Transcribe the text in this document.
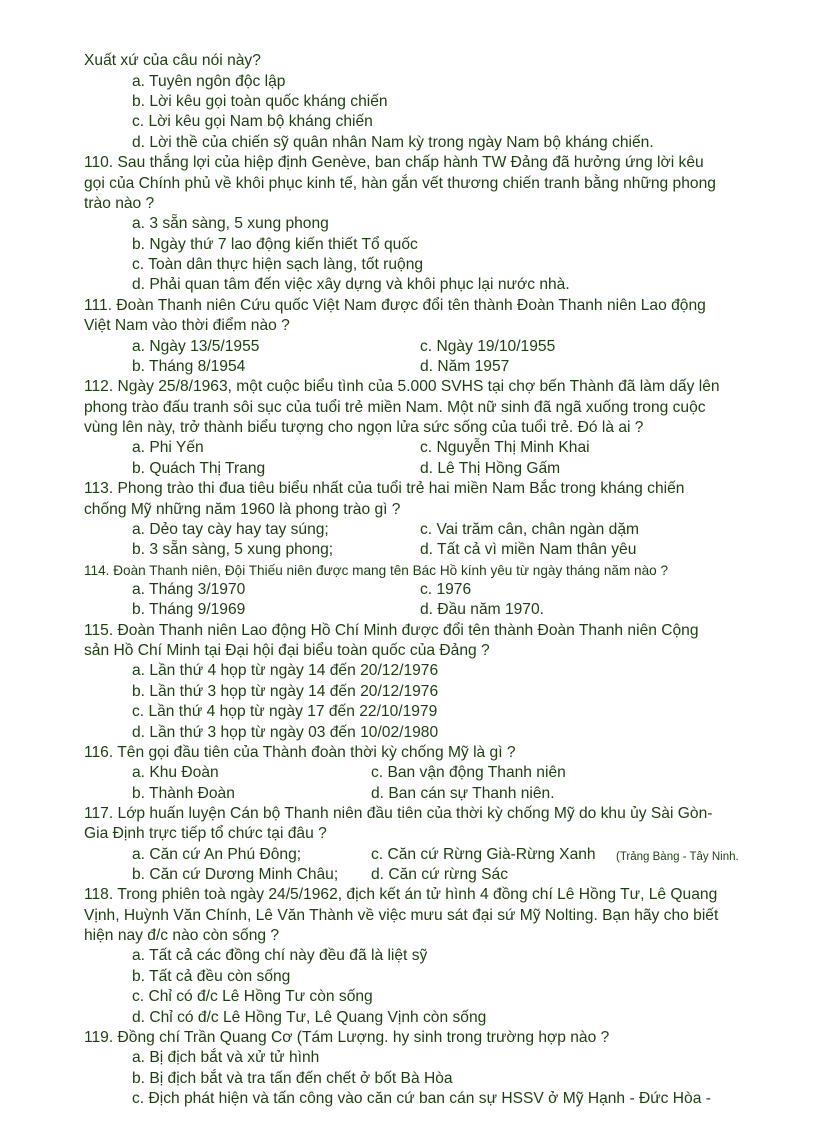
Xuất xứ của câu nói này?
a. Tuyên ngôn độc lập
b. Lời kêu gọi toàn quốc kháng chiến
c. Lời kêu gọi Nam bộ kháng chiến
d. Lời thề của chiến sỹ quân nhân Nam kỳ trong ngày Nam bộ kháng chiến.
110. Sau thắng lợi của hiệp định Genève, ban chấp hành TW Đảng đã hưởng ứng lời kêu
gọi của Chính phủ về khôi phục kinh tế, hàn gắn vết thương chiến tranh bằng những phong
trào nào ?
a. 3 sẵn sàng, 5 xung phong
b. Ngày thứ 7 lao động kiến thiết Tổ quốc
c. Toàn dân thực hiện sạch làng, tốt ruộng
d. Phải quan tâm đến việc xây dựng và khôi phục lại nước nhà.
111. Đoàn Thanh niên Cứu quốc Việt Nam được đổi tên thành Đoàn Thanh niên Lao động
Việt Nam vào thời điểm nào ?
a. Ngày 13/5/1955	c. Ngày 19/10/1955
b. Tháng 8/1954	d. Năm 1957
112. Ngày 25/8/1963, một cuộc biểu tình của 5.000 SVHS tại chợ bến Thành đã làm dấy lên
phong trào đấu tranh sôi sục của tuổi trẻ miền Nam. Một nữ sinh đã ngã xuống trong cuộc
vùng lên này, trở thành biểu tượng cho ngọn lửa sức sống của tuổi trẻ. Đó là ai ?
a. Phi Yến	c. Nguyễn Thị Minh Khai
b. Quách Thị Trang	d. Lê Thị Hồng Gấm
113. Phong trào thi đua tiêu biểu nhất của tuổi trẻ hai miền Nam Bắc trong kháng chiến
chống Mỹ những năm 1960 là phong trào gì ?
a. Dẻo tay cày hay tay súng;	c. Vai trăm cân, chân ngàn dặm
b. 3 sẵn sàng, 5 xung phong;	d. Tất cả vì miền Nam thân yêu
114. Đoàn Thanh niên, Đội Thiếu niên được mang tên Bác Hồ kính yêu từ ngày tháng năm nào ?
a. Tháng 3/1970	c. 1976
b. Tháng 9/1969	d. Đầu năm 1970.
115. Đoàn Thanh niên Lao động Hồ Chí Minh được đổi tên thành Đoàn Thanh niên Cộng
sản Hồ Chí Minh tại Đại hội đại biểu toàn quốc của Đảng ?
a. Lần thứ 4 họp từ ngày 14 đến 20/12/1976
b. Lần thứ 3 họp từ ngày 14 đến 20/12/1976
c. Lần thứ 4 họp từ ngày 17 đến 22/10/1979
d. Lần thứ 3 họp từ ngày 03 đến 10/02/1980
116. Tên gọi đầu tiên của Thành đoàn thời kỳ chống Mỹ là gì ?
a. Khu Đoàn	c. Ban vận động Thanh niên
b. Thành Đoàn	d. Ban cán sự Thanh niên.
117. Lớp huấn luyện Cán bộ Thanh niên đầu tiên của thời kỳ chống Mỹ do khu ủy Sài Gòn-
Gia Định trực tiếp tổ chức tại đâu ?
a. Căn cứ An Phú Đông;	c. Căn cứ Rừng Già-Rừng Xanh (Trảng Bàng - Tây Ninh.
b. Căn cứ Dương Minh Châu; d. Căn cứ rừng Sác
118. Trong phiên toà ngày 24/5/1962, địch kết án tử hình 4 đồng chí Lê Hồng Tư, Lê Quang
Vịnh, Huỳnh Văn Chính, Lê Văn Thành về việc mưu sát đại sứ Mỹ Nolting. Bạn hãy cho biết
hiện nay đ/c nào còn sống ?
a. Tất cả các đồng chí này đều đã là liệt sỹ
b. Tất cả đều còn sống
c. Chỉ có đ/c Lê Hồng Tư còn sống
d. Chỉ có đ/c Lê Hồng Tư, Lê Quang Vịnh còn sống
119. Đồng chí Trần Quang Cơ (Tám Lượng. hy sinh trong trường hợp nào ?
a. Bị địch bắt và xử tử hình
b. Bị địch bắt và tra tấn đến chết ở bốt Bà Hòa
c. Địch phát hiện và tấn công vào căn cứ ban cán sự HSSV ở Mỹ Hạnh - Đức Hòa -
